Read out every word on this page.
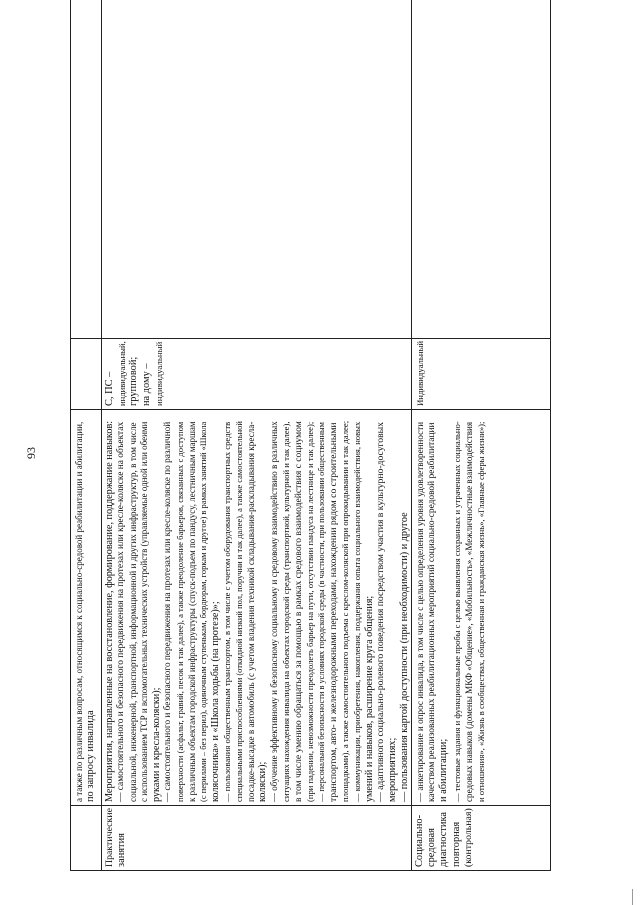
93	а также по различным вопросам, относящимся к социально-средовой реабилитации и абилитации, по запросу инвалида
Практические занятия
Мероприятия, направленные на восстановление, формирование, поддержание навыков: — самостоятельного и безопасного передвижения на протезах или кресле-коляске на объектах социальной, инженерной, транспортной, информационной и других инфраструктур, в том числе с использованием ТСР и вспомогательных технических устройств (управляемые одной или обеими руками и кресла-коляски); — самостоятельного и безопасного передвижения на протезах или кресле-коляске по различной поверхности (асфальт, гравий, песок и так далее), а также преодоление барьеров, связанных с доступом к различным объектам городской инфраструктуры (спуск-подъем по пандусу, лестничным маршам (с перилами – без перил), одиночным ступенькам, бордюрам, горкам и другое) в рамках занятий «Школа колясочника» и «Школа ходьбы (на протезе)»; — пользования общественным транспортом, в том числе с учетом оборудования транспортных средств специальными приспособлениями (откидной низкий пол, поручни и так далее), а также самостоятельной посадке-высадке в автомобиль (с учетом владения техникой складывания-раскладывания кресла- коляски); — обучение эффективному и безопасному социальному и средовому взаимодействию в различных ситуациях нахождения инвалида на объектах городской среды (транспортной, культурной и так далее), в том числе умению обращаться за помощью в рамках средового взаимодействия с социумом (при падении, невозможности преодолеть барьер на пути, отсутствии пандуса на лестнице и так далее); — персональной безопасности в условиях городской среды (в частности, при пользовании общественным транспортом, авто- и железнодорожными переходами, нахождении рядом со строительными площадками), а также самостоятельного подъема с креслом-коляской при опрокидывании и так далее; — коммуникации, приобретения, накопления, поддержания опыта социального взаимодействия, новых умений и навыков, расширение круга общения; — адаптивного социально-ролевого поведения посредством участия в культурно-досуговых мероприятиях; — пользования картой доступности (при необходимости) и другое
С, ПС – индивидуальный, групповой; на дому – индивидуальный
Социально- средовая диагностика повторная (контрольная)
— анкетирование и опрос инвалида, в том числе с целью определения уровня удовлетворенности качеством реализованных реабилитационных мероприятий социально-средовой реабилитации и абилитации; — тестовые задания и функциональные пробы с целью выявления сохранных и утраченных социально- средовых навыков (домены МКФ «Общение», «Мобильность», «Межличностные взаимодействия и отношения», «Жизнь в сообществах, общественная и гражданская жизнь», «Главные сферы жизни»);
Индивидуальный
